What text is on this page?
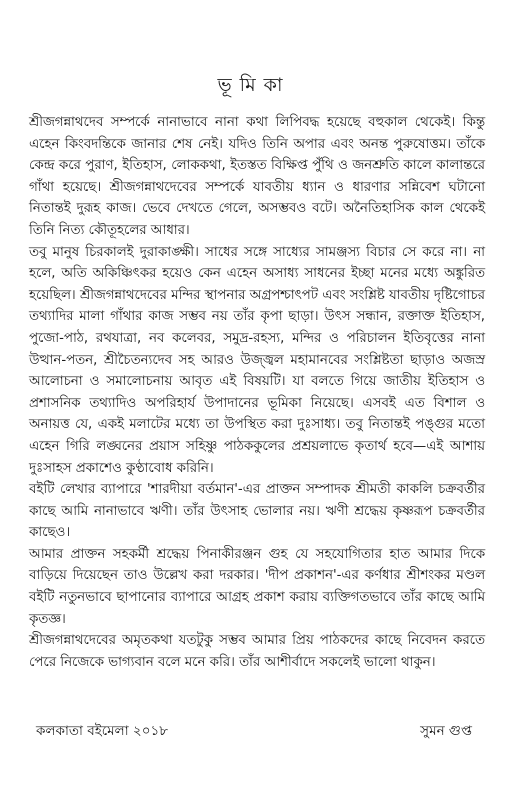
ভূমিকা

শ্রীজগন্নাথদেব সম্পর্কে নানাভাবে নানা কথা লিপিবদ্ধ হয়েছে বহুকাল থেকেই। কিন্তু এহেন কিংবদন্তিকে জানার শেষ নেই। যদিও তিনি অপার এবং অনন্ত পুরুষোত্তম। তাঁকে কেন্দ্র করে পুরাণ, ইতিহাস, লোককথা, ইতস্তত বিক্ষিপ্ত পুঁথি ও জনশ্রুতি কালে কালান্তরে গাঁথা হয়েছে। শ্রীজগন্নাথদেবের সম্পর্কে যাবতীয় ধ্যান ও ধারণার সন্নিবেশ ঘটানো নিতান্তই দুরূহ কাজ। ভেবে দেখতে গেলে, অসম্ভবও বটে। অনৈতিহাসিক কাল থেকেই তিনি নিত্য কৌতূহলের আধার।

তবু মানুষ চিরকালই দুরাকাঙ্ক্ষী। সাধের সঙ্গে সাধ্যের সামঞ্জস্য বিচার সে করে না। না হলে, অতি অকিঞ্চিৎকর হয়েও কেন এহেন অসাধ্য সাধনের ইচ্ছা মনের মধ্যে অঙ্কুরিত হয়েছিল। শ্রীজগন্নাথদেবের মন্দির স্থাপনার অগ্রপশ্চাৎপট এবং সংশ্লিষ্ট যাবতীয় দৃষ্টিগোচর তথ্যাদির মালা গাঁথার কাজ সম্ভব নয় তাঁর কৃপা ছাড়া। উৎস সন্ধান, রক্তাক্ত ইতিহাস, পুজো-পাঠ, রথযাত্রা, নব কলেবর, সমুদ্র-রহস্য, মন্দির ও পরিচালন ইতিবৃত্তের নানা উত্থান-পতন, শ্রীচৈতন্যদেব সহ আরও উজ্জ্বল মহামানবের সংশ্লিষ্টতা ছাড়াও অজস্র আলোচনা ও সমালোচনায় আবৃত এই বিষয়টি। যা বলতে গিয়ে জাতীয় ইতিহাস ও প্রশাসনিক তথ্যাদিও অপরিহার্য উপাদানের ভূমিকা নিয়েছে। এসবই এত বিশাল ও অনায়ত্ত যে, একই মলাটের মধ্যে তা উপস্থিত করা দুঃসাধ্য। তবু নিতান্তই পঙ্গুর মতো এহেন গিরি লঙ্ঘনের প্রয়াস সহিষ্ণু পাঠককুলের প্রশ্রয়লাভে কৃতার্থ হবে—এই আশায় দুঃসাহস প্রকাশেও কুণ্ঠাবোধ করিনি।

বইটি লেখার ব্যাপারে 'শারদীয়া বর্তমান'-এর প্রাক্তন সম্পাদক শ্রীমতী কাকলি চক্রবর্তীর কাছে আমি নানাভাবে ঋণী। তাঁর উৎসাহ ভোলার নয়। ঋণী শ্রদ্ধেয় কৃষ্ণরূপ চক্রবর্তীর কাছেও।

আমার প্রাক্তন সহকর্মী শ্রদ্ধেয় পিনাকীরঞ্জন গুহ যে সহযোগিতার হাত আমার দিকে বাড়িয়ে দিয়েছেন তাও উল্লেখ করা দরকার। 'দীপ প্রকাশন'-এর কর্ণধার শ্রীশংকর মণ্ডল বইটি নতুনভাবে ছাপানোর ব্যাপারে আগ্রহ প্রকাশ করায় ব্যক্তিগতভাবে তাঁর কাছে আমি কৃতজ্ঞ।

শ্রীজগন্নাথদেবের অমৃতকথা যতটুকু সম্ভব আমার প্রিয় পাঠকদের কাছে নিবেদন করতে পেরে নিজেকে ভাগ্যবান বলে মনে করি। তাঁর আশীর্বাদে সকলেই ভালো থাকুন।

কলকাতা বইমেলা ২০১৮	সুমন গুপ্ত
